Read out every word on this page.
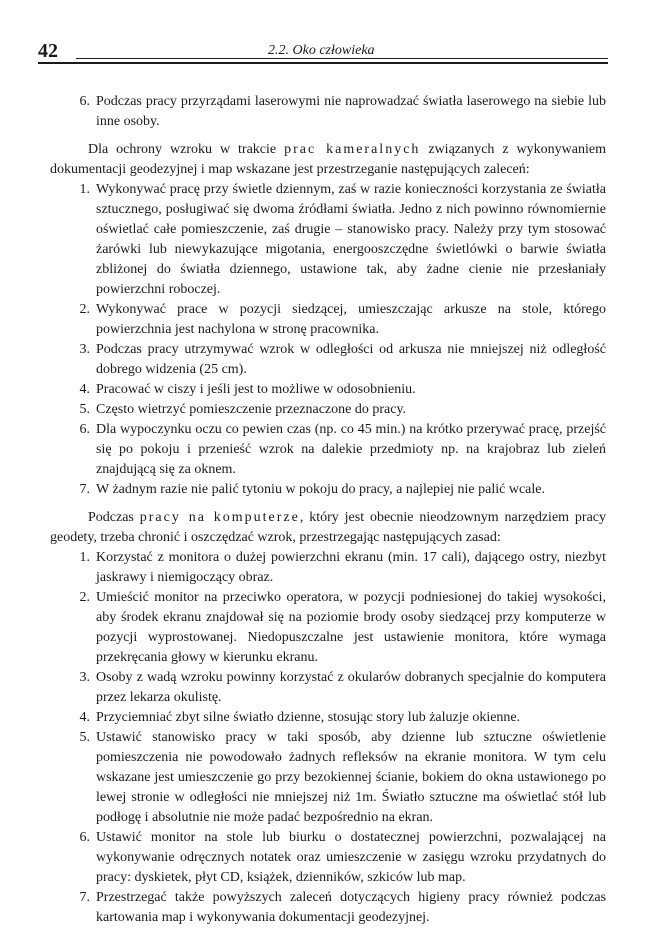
42	2.2. Oko człowieka
6. Podczas pracy przyrządami laserowymi nie naprowadzać światła laserowego na siebie lub inne osoby.

Dla ochrony wzroku w trakcie prac kameralnych związanych z wykonywaniem dokumentacji geodezyjnej i map wskazane jest przestrzeganie następujących zaleceń:

1. Wykonywać pracę przy świetle dziennym, zaś w razie konieczności korzystania ze światła sztucznego, posługiwać się dwoma źródłami światła. Jedno z nich powinno równomiernie oświetlać całe pomieszczenie, zaś drugie – stanowisko pracy. Należy przy tym stosować żarówki lub niewykazujące migotania, energooszczędne świetlówki o barwie światła zbliżonej do światła dziennego, ustawione tak, aby żadne cienie nie przesłaniały powierzchni roboczej.
2. Wykonywać prace w pozycji siedzącej, umieszczając arkusze na stole, którego powierzchnia jest nachylona w stronę pracownika.
3. Podczas pracy utrzymywać wzrok w odległości od arkusza nie mniejszej niż odległość dobrego widzenia (25 cm).
4. Pracować w ciszy i jeśli jest to możliwe w odosobnieniu.
5. Często wietrzyć pomieszczenie przeznaczone do pracy.
6. Dla wypoczynku oczu co pewien czas (np. co 45 min.) na krótko przerywać pracę, przejść się po pokoju i przenieść wzrok na dalekie przedmioty np. na krajobraz lub zieleń znajdującą się za oknem.
7. W żadnym razie nie palić tytoniu w pokoju do pracy, a najlepiej nie palić wcale.

Podczas pracy na komputerze, który jest obecnie nieodzownym narzędziem pracy geodety, trzeba chronić i oszczędzać wzrok, przestrzegając następujących zasad:

1. Korzystać z monitora o dużej powierzchni ekranu (min. 17 cali), dającego ostry, niezbyt jaskrawy i niemigoczący obraz.
2. Umieścić monitor na przeciwko operatora, w pozycji podniesionej do takiej wysokości, aby środek ekranu znajdował się na poziomie brody osoby siedzącej przy komputerze w pozycji wyprostowanej. Niedopuszczalne jest ustawienie monitora, które wymaga przekręcania głowy w kierunku ekranu.
3. Osoby z wadą wzroku powinny korzystać z okularów dobranych specjalnie do komputera przez lekarza okulistę.
4. Przyciemniać zbyt silne światło dzienne, stosując story lub żaluzje okienne.
5. Ustawić stanowisko pracy w taki sposób, aby dzienne lub sztuczne oświetlenie pomieszczenia nie powodowało żadnych refleksów na ekranie monitora. W tym celu wskazane jest umieszczenie go przy bezokiennej ścianie, bokiem do okna ustawionego po lewej stronie w odległości nie mniejszej niż 1m. Światło sztuczne ma oświetlać stół lub podłogę i absolutnie nie może padać bezpośrednio na ekran.
6. Ustawić monitor na stole lub biurku o dostatecznej powierzchni, pozwalającej na wykonywanie odręcznych notatek oraz umieszczenie w zasięgu wzroku przydatnych do pracy: dyskietek, płyt CD, książek, dzienników, szkiców lub map.
7. Przestrzegać także powyższych zaleceń dotyczących higieny pracy również podczas kartowania map i wykonywania dokumentacji geodezyjnej.
